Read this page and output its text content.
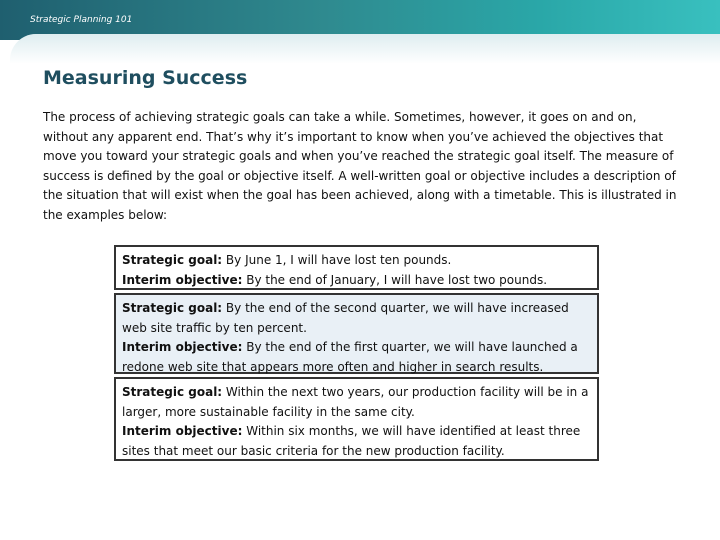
Strategic Planning 101
Measuring Success

The process of achieving strategic goals can take a while. Sometimes, however, it goes on and on, without any apparent end. That’s why it’s important to know when you’ve achieved the objectives that move you toward your strategic goals and when you’ve reached the strategic goal itself. The measure of success is defined by the goal or objective itself. A well-written goal or objective includes a description of the situation that will exist when the goal has been achieved, along with a timetable. This is illustrated in the examples below:

Strategic goal: By June 1, I will have lost ten pounds.
Interim objective: By the end of January, I will have lost two pounds.
Strategic goal: By the end of the second quarter, we will have increased web site traffic by ten percent.
Interim objective: By the end of the first quarter, we will have launched a redone web site that appears more often and higher in search results.
Strategic goal: Within the next two years, our production facility will be in a larger, more sustainable facility in the same city.
Interim objective: Within six months, we will have identified at least three sites that meet our basic criteria for the new production facility.
